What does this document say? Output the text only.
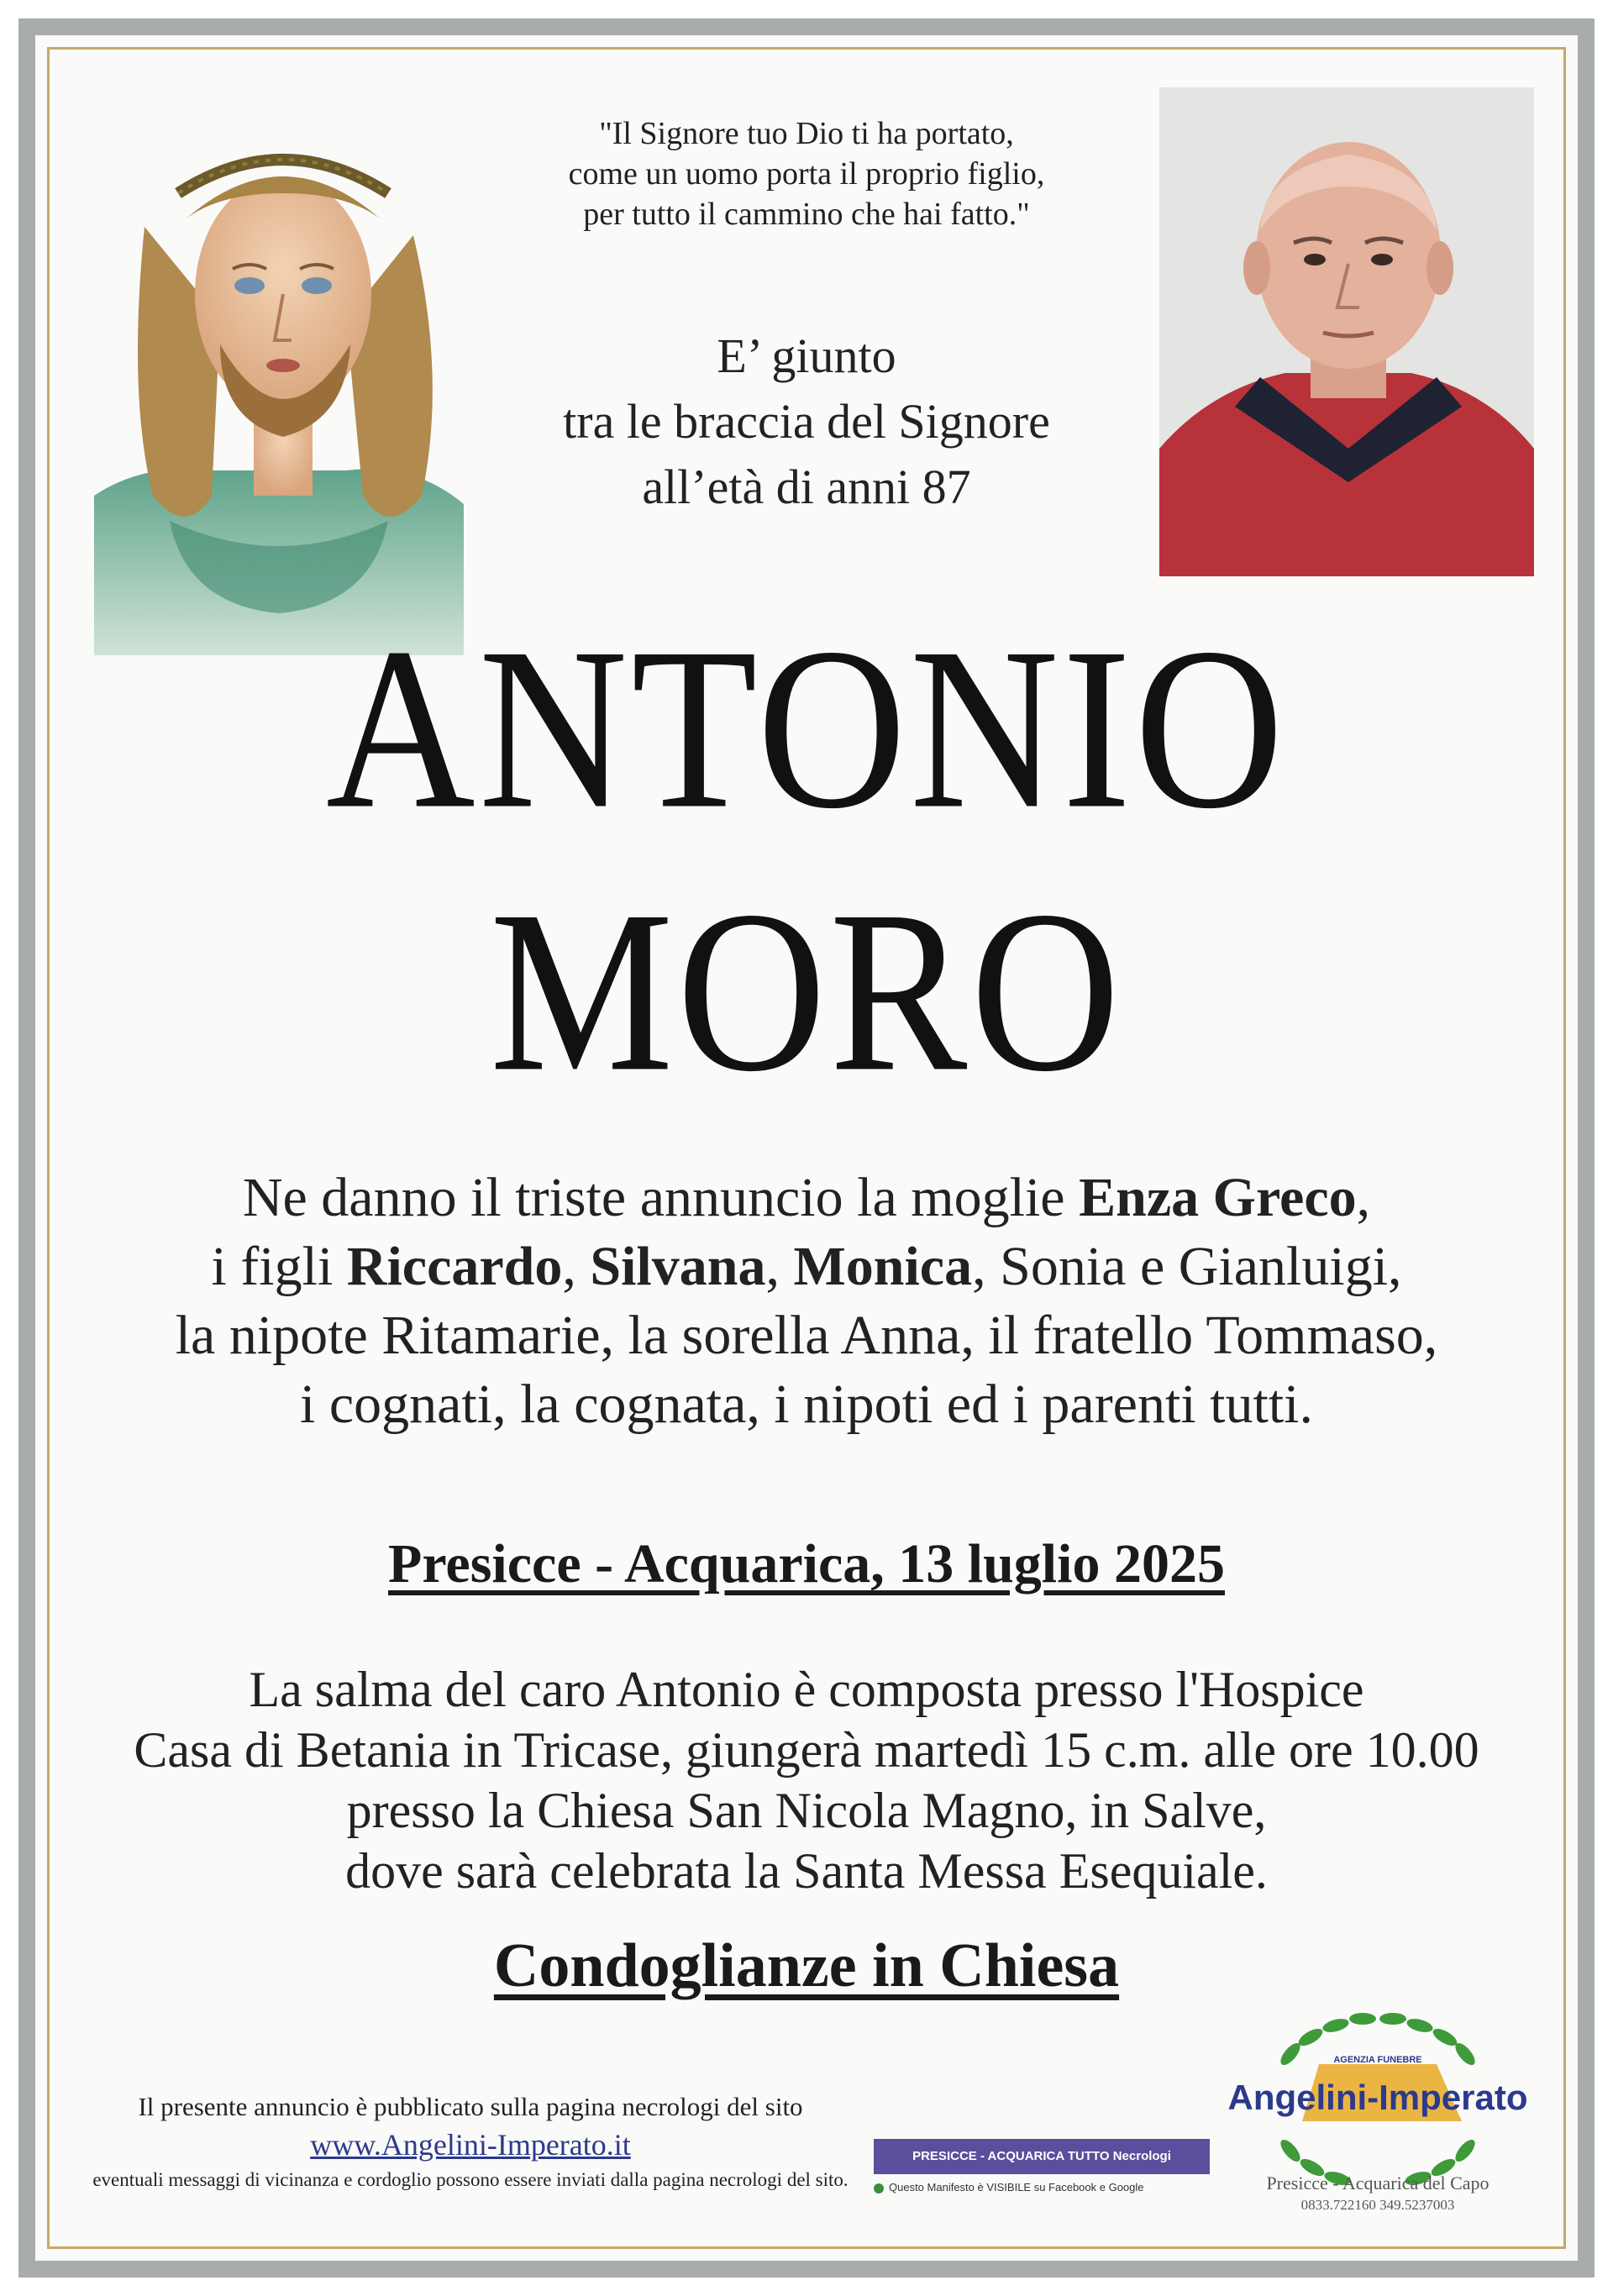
"Il Signore tuo Dio ti ha portato,
come un uomo porta il proprio figlio,
per tutto il cammino che hai fatto."
E’ giunto
tra le braccia del Signore
all’età di anni 87
ANTONIO
MORO
Ne danno il triste annuncio la moglie Enza Greco,
i figli Riccardo, Silvana, Monica, Sonia e Gianluigi,
la nipote Ritamarie, la sorella Anna, il fratello Tommaso,
i cognati, la cognata, i nipoti ed i parenti tutti.
Presicce - Acquarica, 13 luglio 2025
La salma del caro Antonio è composta presso l'Hospice
Casa di Betania in Tricase, giungerà martedì 15 c.m. alle ore 10.00
presso la Chiesa San Nicola Magno, in Salve,
dove sarà celebrata la Santa Messa Esequiale.
Condoglianze in Chiesa
Il presente annuncio è pubblicato sulla pagina necrologi del sito
www.Angelini-Imperato.it
eventuali messaggi di vicinanza e cordoglio possono essere inviati dalla pagina necrologi del sito.
PRESICCE - ACQUARICA TUTTO Necrologi
Questo Manifesto è VISIBILE su Facebook e Google
AGENZIA FUNEBRE
Angelini-Imperato
Presicce - Acquarica del Capo
0833.722160 349.5237003
